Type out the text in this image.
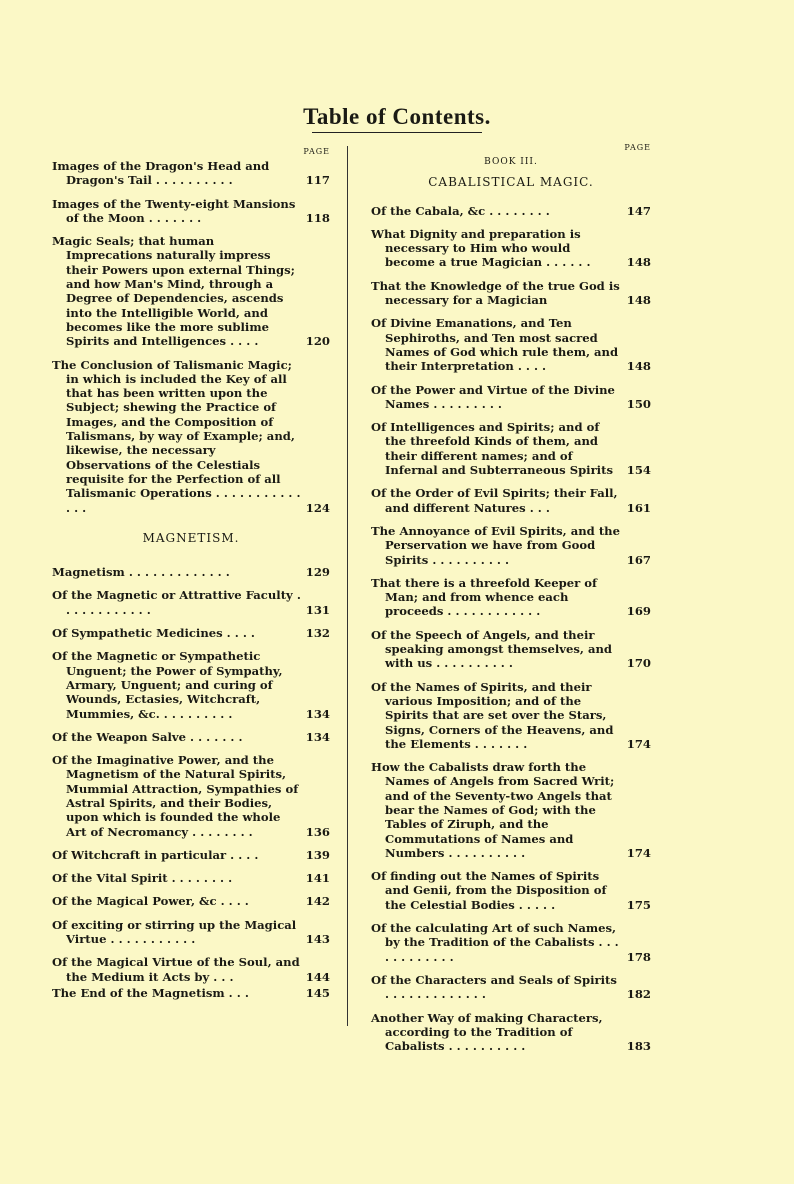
Table of Contents.
PAGE
Images of the Dragon's Head and Dragon's Tail . . . . . . . . . .	117
Images of the Twenty-eight Mansions of the Moon . . . . . . .	118
Magic Seals; that human Imprecations naturally impress their Powers upon external Things; and how Man's Mind, through a Degree of Dependencies, ascends into the Intelligible World, and becomes like the more sublime Spirits and Intelligences . . . .	120
The Conclusion of Talismanic Magic; in which is included the Key of all that has been written upon the Subject; shewing the Practice of Images, and the Composition of Talismans, by way of Example; and, likewise, the necessary Observations of the Celestials requisite for the Perfection of all Talismanic Operations . . . . . . . . . . . . . .	124
MAGNETISM.
Magnetism . . . . . . . . . . . . .	129
Of the Magnetic or Attrattive Faculty . . . . . . . . . . . .	131
Of Sympathetic Medicines . . . .	132
Of the Magnetic or Sympathetic Unguent; the Power of Sympathy, Armary, Unguent; and curing of Wounds, Ectasies, Witchcraft, Mummies, &c. . . . . . . . . .	134
Of the Weapon Salve . . . . . . .	134
Of the Imaginative Power, and the Magnetism of the Natural Spirits, Mummial Attraction, Sympathies of Astral Spirits, and their Bodies, upon which is founded the whole Art of Necromancy . . . . . . . .	136
Of Witchcraft in particular . . . .	139
Of the Vital Spirit . . . . . . . .	141
Of the Magical Power, &c . . . .	142
Of exciting or stirring up the Magical Virtue . . . . . . . . . . .	143
Of the Magical Virtue of the Soul, and the Medium it Acts by . . .	144
The End of the Magnetism . . .	145
PAGE
BOOK III.
CABALISTICAL MAGIC.
Of the Cabala, &c . . . . . . . .	147
What Dignity and preparation is necessary to Him who would become a true Magician . . . . . .	148
That the Knowledge of the true God is necessary for a Magician	148
Of Divine Emanations, and Ten Sephiroths, and Ten most sacred Names of God which rule them, and their Interpretation . . . .	148
Of the Power and Virtue of the Divine Names . . . . . . . . .	150
Of Intelligences and Spirits; and of the threefold Kinds of them, and their different names; and of Infernal and Subterraneous Spirits	154
Of the Order of Evil Spirits; their Fall, and different Natures . . .	161
The Annoyance of Evil Spirits, and the Perservation we have from Good Spirits . . . . . . . . . .	167
That there is a threefold Keeper of Man; and from whence each proceeds . . . . . . . . . . . .	169
Of the Speech of Angels, and their speaking amongst themselves, and with us . . . . . . . . . .	170
Of the Names of Spirits, and their various Imposition; and of the Spirits that are set over the Stars, Signs, Corners of the Heavens, and the Elements . . . . . . .	174
How the Cabalists draw forth the Names of Angels from Sacred Writ; and of the Seventy-two Angels that bear the Names of God; with the Tables of Ziruph, and the Commutations of Names and Numbers . . . . . . . . . .	174
Of finding out the Names of Spirits and Genii, from the Disposition of the Celestial Bodies . . . . .	175
Of the calculating Art of such Names, by the Tradition of the Cabalists . . . . . . . . . . . .	178
Of the Characters and Seals of Spirits . . . . . . . . . . . . .	182
Another Way of making Characters, according to the Tradition of Cabalists . . . . . . . . . .	183
